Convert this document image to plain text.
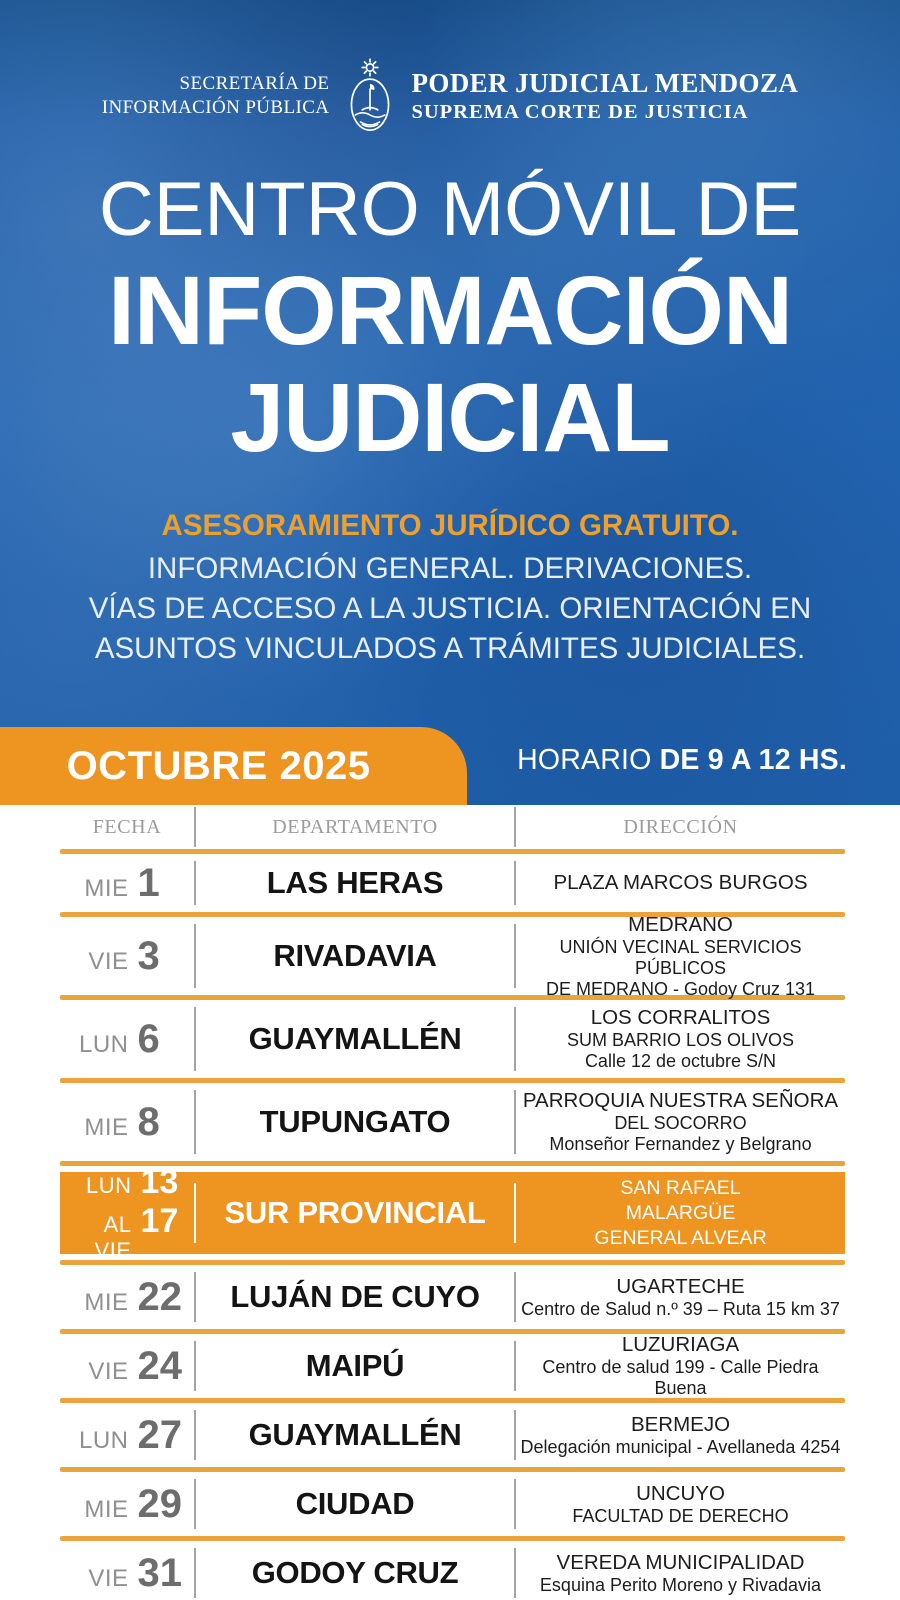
SECRETARÍA DE
INFORMACIÓN PÚBLICA
PODER JUDICIAL MENDOZA
SUPREMA CORTE DE JUSTICIA
CENTRO MÓVIL DE
INFORMACIÓN
JUDICIAL

ASESORAMIENTO JURÍDICO GRATUITO.

INFORMACIÓN GENERAL. DERIVACIONES.

VÍAS DE ACCESO A LA JUSTICIA. ORIENTACIÓN EN

ASUNTOS VINCULADOS A TRÁMITES JUDICIALES.

OCTUBRE 2025	HORARIO DE 9 A 12 HS.
FECHA	DEPARTAMENTO	DIRECCIÓN
MIE 1	LAS HERAS	PLAZA MARCOS BURGOS
VIE 3	RIVADAVIA
MEDRANO
UNIÓN VECINAL SERVICIOS PÚBLICOS
DE MEDRANO - Godoy Cruz 131
LUN 6	GUAYMALLÉN
LOS CORRALITOS
SUM BARRIO LOS OLIVOS
Calle 12 de octubre S/N
MIE 8	TUPUNGATO
PARROQUIA NUESTRA SEÑORA
DEL SOCORRO
Monseñor Fernandez y Belgrano
LUN 13
AL VIE
17	SUR PROVINCIAL
SAN RAFAEL
MALARGÜE
GENERAL ALVEAR
MIE 22	LUJÁN DE CUYO	UGARTECHE
Centro de Salud n.º 39 – Ruta 15 km 37
VIE 24	MAIPÚ
LUZURIAGA
Centro de salud 199 - Calle Piedra Buena
LUN 27	GUAYMALLÉN	BERMEJO
Delegación municipal - Avellaneda 4254
MIE 29	CIUDAD	UNCUYO
FACULTAD DE DERECHO
VIE 31	GODOY CRUZ	VEREDA MUNICIPALIDAD
Esquina Perito Moreno y Rivadavia
